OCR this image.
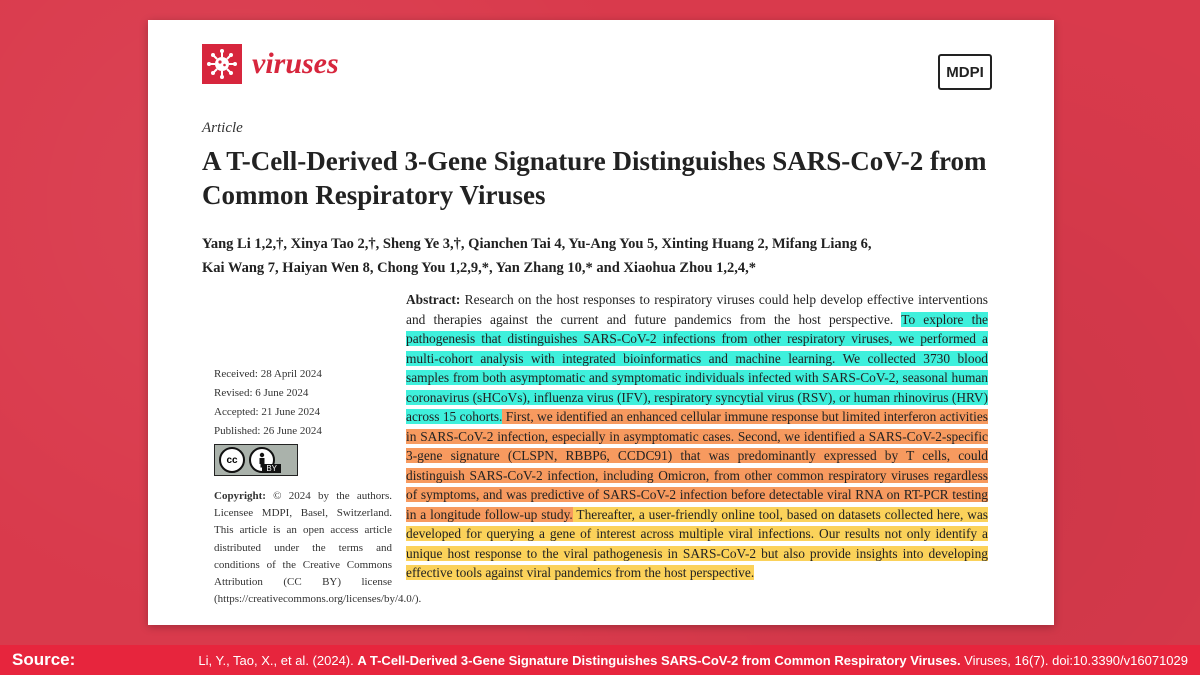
viruses	MDPI
Article
A T-Cell-Derived 3-Gene Signature Distinguishes SARS-CoV-2 from Common Respiratory Viruses
Yang Li 1,2,†, Xinya Tao 2,†, Sheng Ye 3,†, Qianchen Tai 4, Yu-Ang You 5, Xinting Huang 2, Mifang Liang 6,
Kai Wang 7, Haiyan Wen 8, Chong You 1,2,9,*, Yan Zhang 10,* and Xiaohua Zhou 1,2,4,*
Received: 28 April 2024
Revised: 6 June 2024
Accepted: 21 June 2024
Published: 26 June 2024
cc
BY
Copyright: © 2024 by the authors. Licensee MDPI, Basel, Switzerland. This article is an open access article distributed under the terms and conditions of the Creative Commons Attribution (CC BY) license (https://creativecommons.org/licenses/by/4.0/).
Abstract: Research on the host responses to respiratory viruses could help develop effective interventions and therapies against the current and future pandemics from the host perspective. To explore the pathogenesis that distinguishes SARS-CoV-2 infections from other respiratory viruses, we performed a multi-cohort analysis with integrated bioinformatics and machine learning. We collected 3730 blood samples from both asymptomatic and symptomatic individuals infected with SARS-CoV-2, seasonal human coronavirus (sHCoVs), influenza virus (IFV), respiratory syncytial virus (RSV), or human rhinovirus (HRV) across 15 cohorts. First, we identified an enhanced cellular immune response but limited interferon activities in SARS-CoV-2 infection, especially in asymptomatic cases. Second, we identified a SARS-CoV-2-specific 3-gene signature (CLSPN, RBBP6, CCDC91) that was predominantly expressed by T cells, could distinguish SARS-CoV-2 infection, including Omicron, from other common respiratory viruses regardless of symptoms, and was predictive of SARS-CoV-2 infection before detectable viral RNA on RT-PCR testing in a longitude follow-up study. Thereafter, a user-friendly online tool, based on datasets collected here, was developed for querying a gene of interest across multiple viral infections. Our results not only identify a unique host response to the viral pathogenesis in SARS-CoV-2 but also provide insights into developing effective tools against viral pandemics from the host perspective.
Source:	Li, Y., Tao, X., et al. (2024). A T-Cell-Derived 3-Gene Signature Distinguishes SARS-CoV-2 from Common Respiratory Viruses. Viruses, 16(7). doi:10.3390/v16071029
